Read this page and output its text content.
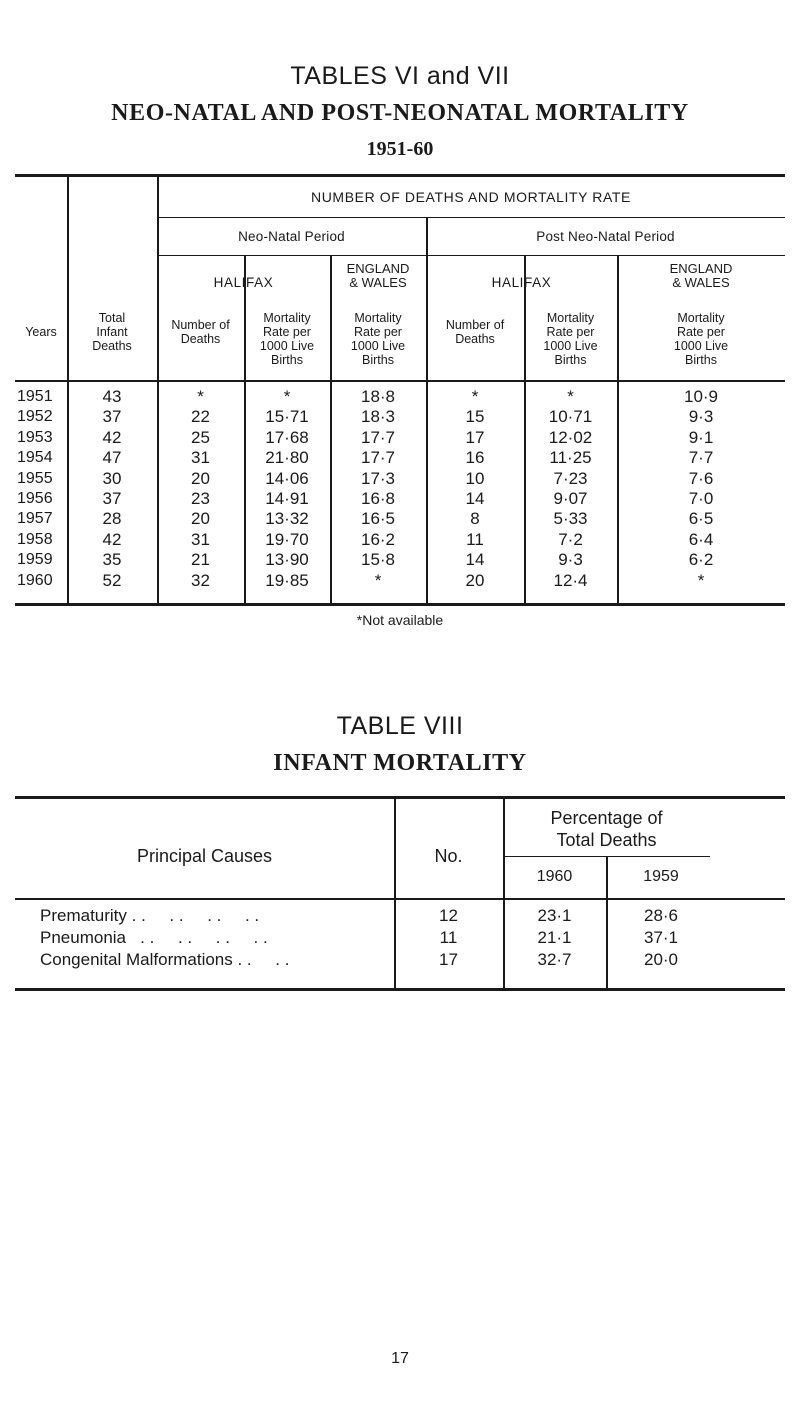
TABLES VI and VII
NEO-NATAL AND POST-NEONATAL MORTALITY
1951-60
NUMBER OF DEATHS AND MORTALITY RATE
Neo-Natal Period	Post Neo-Natal Period
HALIFAX
ENGLAND
& WALES	HALIFAX
ENGLAND
& WALES
Years
Total
Infant
Deaths
Number of
Deaths
Mortality
Rate per
1000 Live
Births
Mortality
Rate per
1000 Live
Births
Number of
Deaths
Mortality
Rate per
1000 Live
Births
Mortality
Rate per
1000 Live
Births
1951	43	*	*	18·8	*	*	10·9
1952	37	22	15·71	18·3	15	10·71	9·3
1953	42	25	17·68	17·7	17	12·02	9·1
1954	47	31	21·80	17·7	16	11·25	7·7
1955	30	20	14·06	17·3	10	7·23	7·6
1956	37	23	14·91	16·8	14	9·07	7·0
1957	28	20	13·32	16·5	8	5·33	6·5
1958	42	31	19·70	16·2	11	7·2	6·4
1959	35	21	13·90	15·8	14	9·3	6·2
1960	52	32	19·85	*	20	12·4	*
*Not available
TABLE VIII
INFANT MORTALITY
Principal Causes	No.
Percentage of
Total Deaths
1960	1959
Prematurity . .     . .     . .     . .	12	23·1	28·6
Pneumonia   . .     . .     . .     . .	11	21·1	37·1
Congenital Malformations . .     . .	17	32·7	20·0
17
